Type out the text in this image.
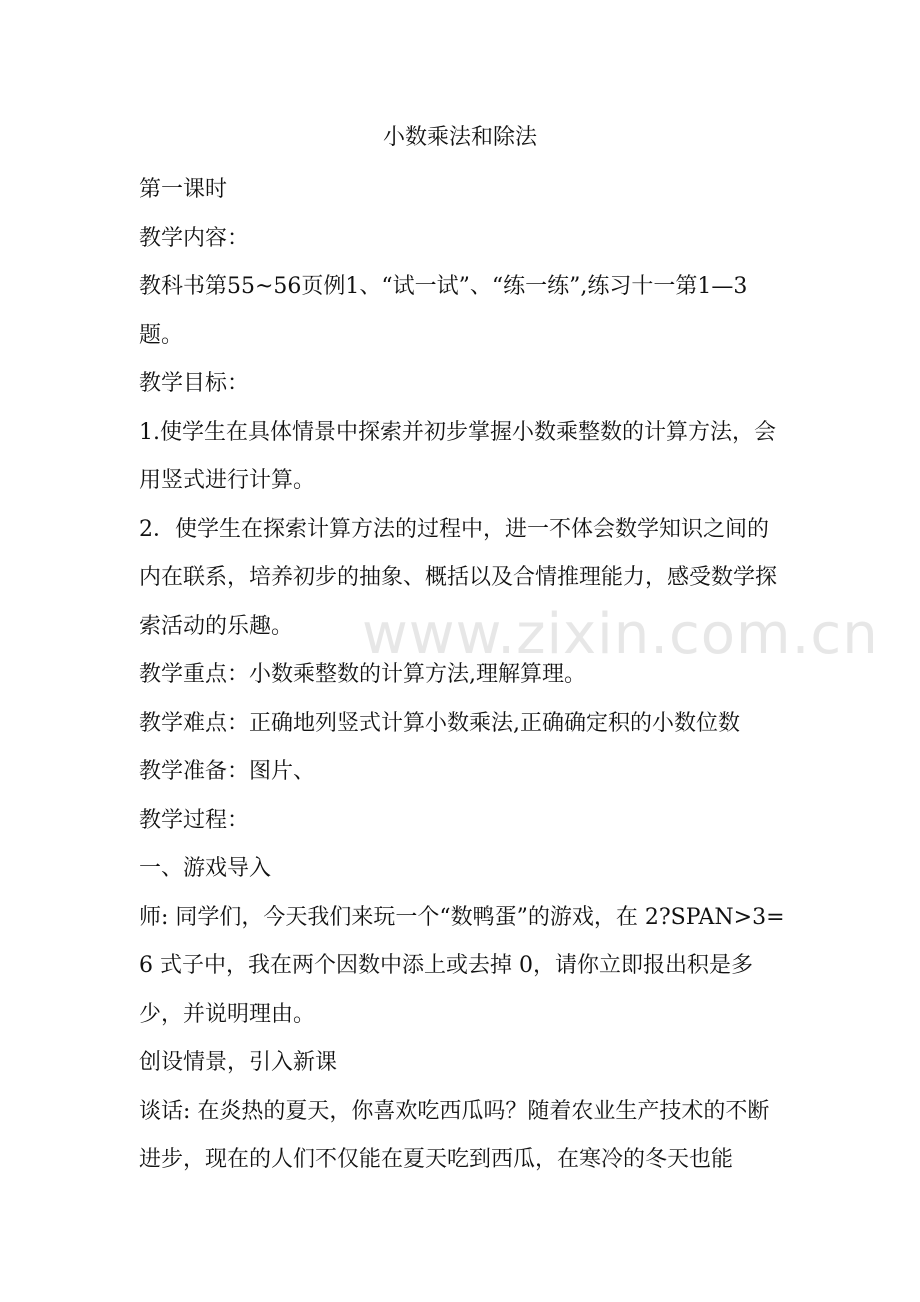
小数乘法和除法

第一课时

教学内容：

教科书第55~56页例1、“试一试”、“练一练”,练习十一第1—3题。

教学目标：

1.使学生在具体情景中探索并初步掌握小数乘整数的计算方法，会用竖式进行计算。

2．使学生在探索计算方法的过程中，进一不体会数学知识之间的内在联系，培养初步的抽象、概括以及合情推理能力，感受数学探索活动的乐趣。

教学重点：小数乘整数的计算方法,理解算理。

教学难点：正确地列竖式计算小数乘法,正确确定积的小数位数

教学准备：图片、

教学过程：

一、游戏导入

师: 同学们，今天我们来玩一个“数鸭蛋”的游戏，在 2?SPAN>3=6 式子中，我在两个因数中添上或去掉 0，请你立即报出积是多少，并说明理由。

创设情景，引入新课

谈话: 在炎热的夏天，你喜欢吃西瓜吗？随着农业生产技术的不断进步，现在的人们不仅能在夏天吃到西瓜，在寒冷的冬天也能

www.zixin.com.cn
